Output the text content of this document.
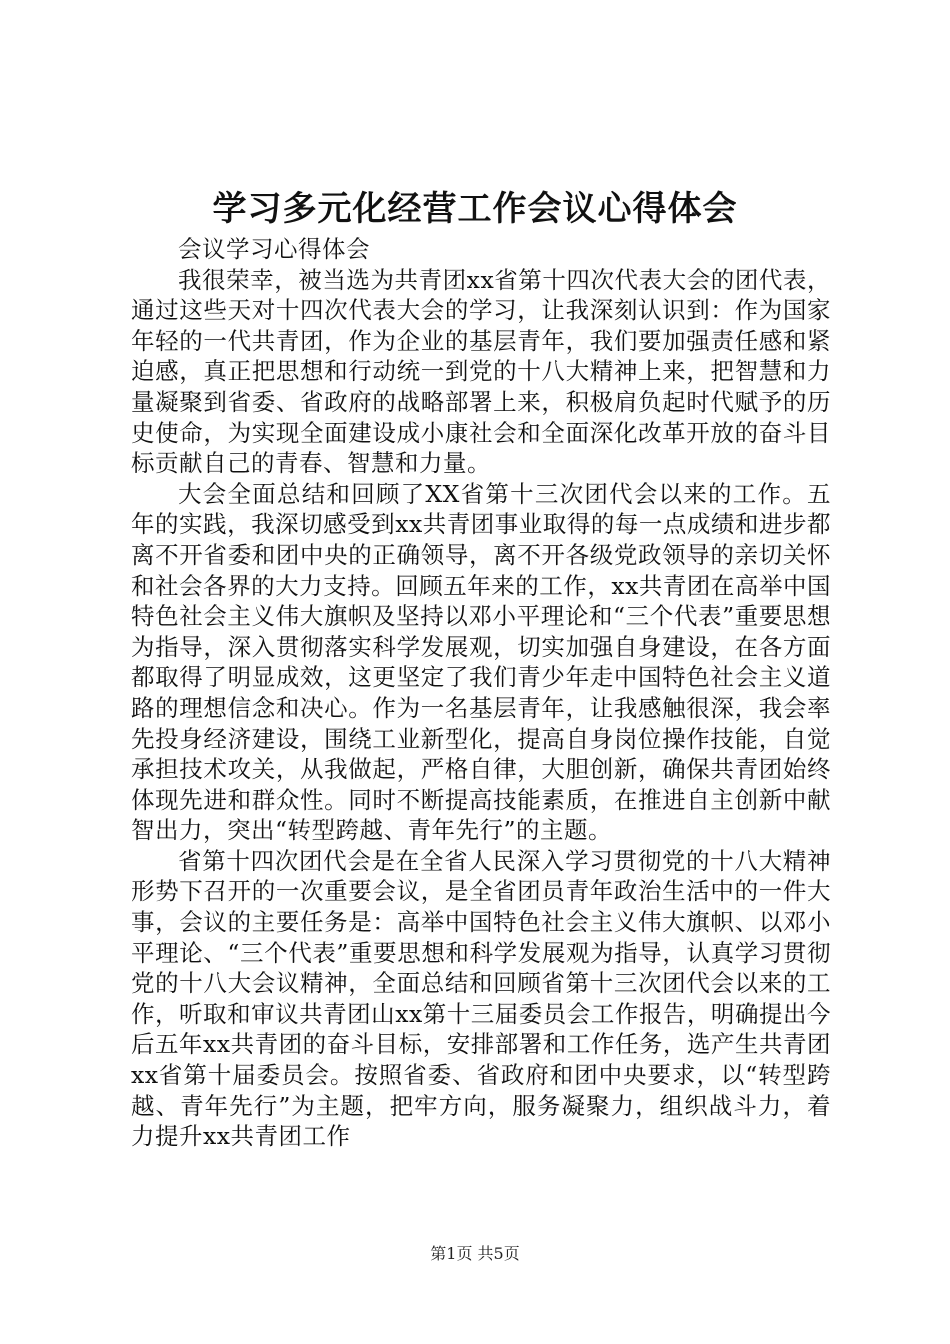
学习多元化经营工作会议心得体会

会议学习心得体会

我很荣幸，被当选为共青团xx省第十四次代表大会的团代表，通过这些天对十四次代表大会的学习，让我深刻认识到：作为国家年轻的一代共青团，作为企业的基层青年，我们要加强责任感和紧迫感，真正把思想和行动统一到党的十八大精神上来，把智慧和力量凝聚到省委、省政府的战略部署上来，积极肩负起时代赋予的历史使命，为实现全面建设成小康社会和全面深化改革开放的奋斗目标贡献自己的青春、智慧和力量。

大会全面总结和回顾了XX省第十三次团代会以来的工作。五年的实践，我深切感受到xx共青团事业取得的每一点成绩和进步都离不开省委和团中央的正确领导，离不开各级党政领导的亲切关怀和社会各界的大力支持。回顾五年来的工作，xx共青团在高举中国特色社会主义伟大旗帜及坚持以邓小平理论和“三个代表”重要思想为指导，深入贯彻落实科学发展观，切实加强自身建设，在各方面都取得了明显成效，这更坚定了我们青少年走中国特色社会主义道路的理想信念和决心。作为一名基层青年，让我感触很深，我会率先投身经济建设，围绕工业新型化，提高自身岗位操作技能，自觉承担技术攻关，从我做起，严格自律，大胆创新，确保共青团始终体现先进和群众性。同时不断提高技能素质，在推进自主创新中献智出力，突出“转型跨越、青年先行”的主题。

省第十四次团代会是在全省人民深入学习贯彻党的十八大精神形势下召开的一次重要会议，是全省团员青年政治生活中的一件大事，会议的主要任务是：高举中国特色社会主义伟大旗帜、以邓小平理论、“三个代表”重要思想和科学发展观为指导，认真学习贯彻党的十八大会议精神，全面总结和回顾省第十三次团代会以来的工作，听取和审议共青团山xx第十三届委员会工作报告，明确提出今后五年xx共青团的奋斗目标，安排部署和工作任务，选产生共青团xx省第十届委员会。按照省委、省政府和团中央要求，以“转型跨越、青年先行”为主题，把牢方向，服务凝聚力，组织战斗力，着力提升xx共青团工作

第1页 共5页
